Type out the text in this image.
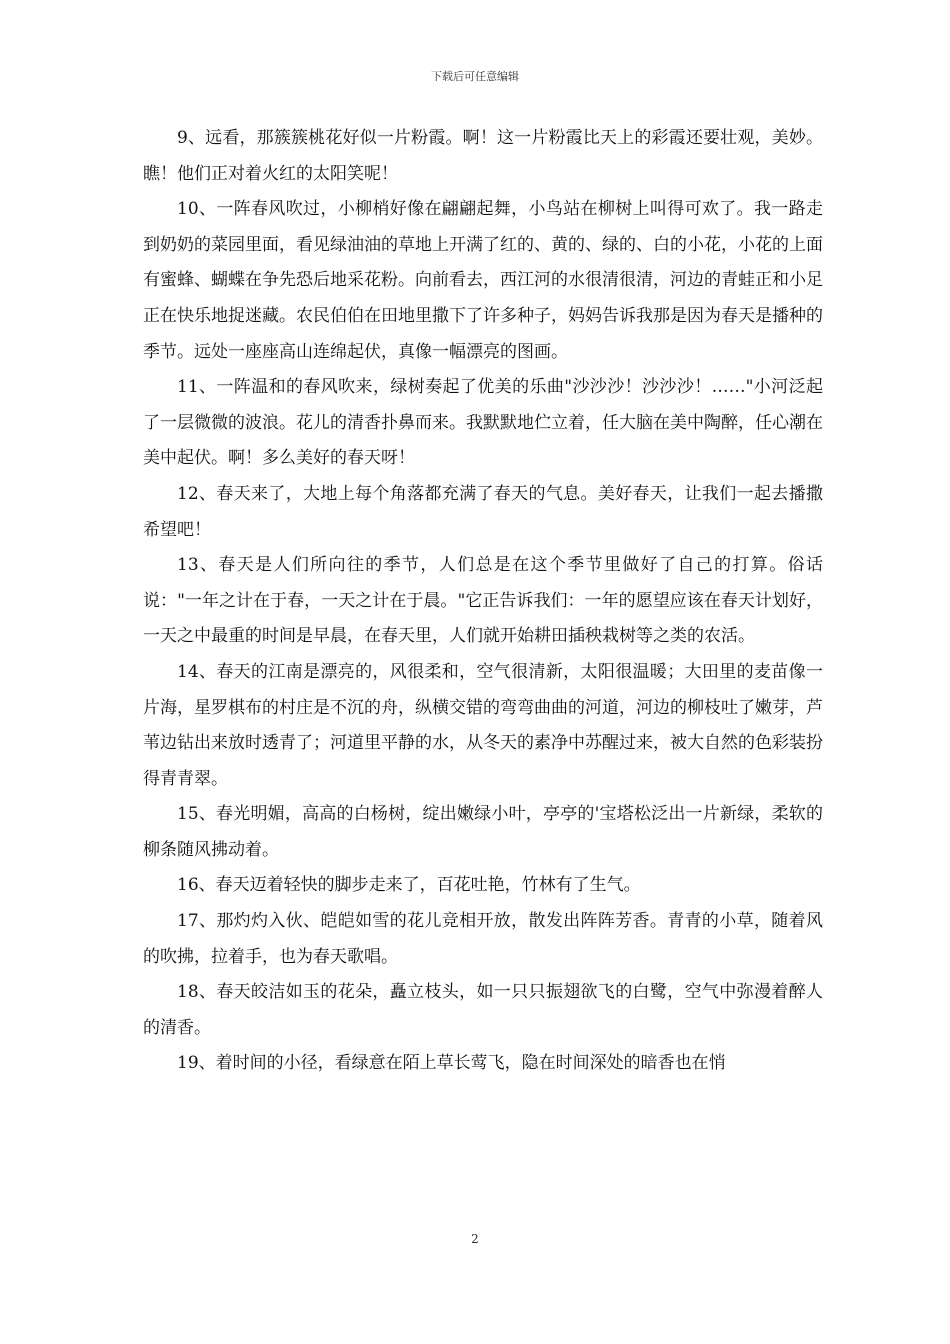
下载后可任意编辑

9、远看，那簇簇桃花好似一片粉霞。啊！这一片粉霞比天上的彩霞还要壮观，美妙。瞧！他们正对着火红的太阳笑呢！

10、一阵春风吹过，小柳梢好像在翩翩起舞，小鸟站在柳树上叫得可欢了。我一路走到奶奶的菜园里面，看见绿油油的草地上开满了红的、黄的、绿的、白的小花，小花的上面有蜜蜂、蝴蝶在争先恐后地采花粉。向前看去，西江河的水很清很清，河边的青蛙正和小足正在快乐地捉迷藏。农民伯伯在田地里撒下了许多种子，妈妈告诉我那是因为春天是播种的季节。远处一座座高山连绵起伏，真像一幅漂亮的图画。

11、一阵温和的春风吹来，绿树奏起了优美的乐曲"沙沙沙！沙沙沙！……"小河泛起了一层微微的波浪。花儿的清香扑鼻而来。我默默地伫立着，任大脑在美中陶醉，任心潮在美中起伏。啊！多么美好的春天呀！

12、春天来了，大地上每个角落都充满了春天的气息。美好春天，让我们一起去播撒希望吧！

13、春天是人们所向往的季节，人们总是在这个季节里做好了自己的打算。俗话说："一年之计在于春，一天之计在于晨。"它正告诉我们：一年的愿望应该在春天计划好，一天之中最重的时间是早晨，在春天里，人们就开始耕田插秧栽树等之类的农活。

14、春天的江南是漂亮的，风很柔和，空气很清新，太阳很温暖；大田里的麦苗像一片海，星罗棋布的村庄是不沉的舟，纵横交错的弯弯曲曲的河道，河边的柳枝吐了嫩芽，芦苇边钻出来放时透青了；河道里平静的水，从冬天的素净中苏醒过来，被大自然的色彩装扮得青青翠。

15、春光明媚，高高的白杨树，绽出嫩绿小叶，亭亭的'宝塔松泛出一片新绿，柔软的柳条随风拂动着。

16、春天迈着轻快的脚步走来了，百花吐艳，竹林有了生气。

17、那灼灼入伙、皑皑如雪的花儿竞相开放，散发出阵阵芳香。青青的小草，随着风的吹拂，拉着手，也为春天歌唱。

18、春天皎洁如玉的花朵，矗立枝头，如一只只振翅欲飞的白鹭，空气中弥漫着醉人的清香。

19、着时间的小径，看绿意在陌上草长莺飞，隐在时间深处的暗香也在悄

2
